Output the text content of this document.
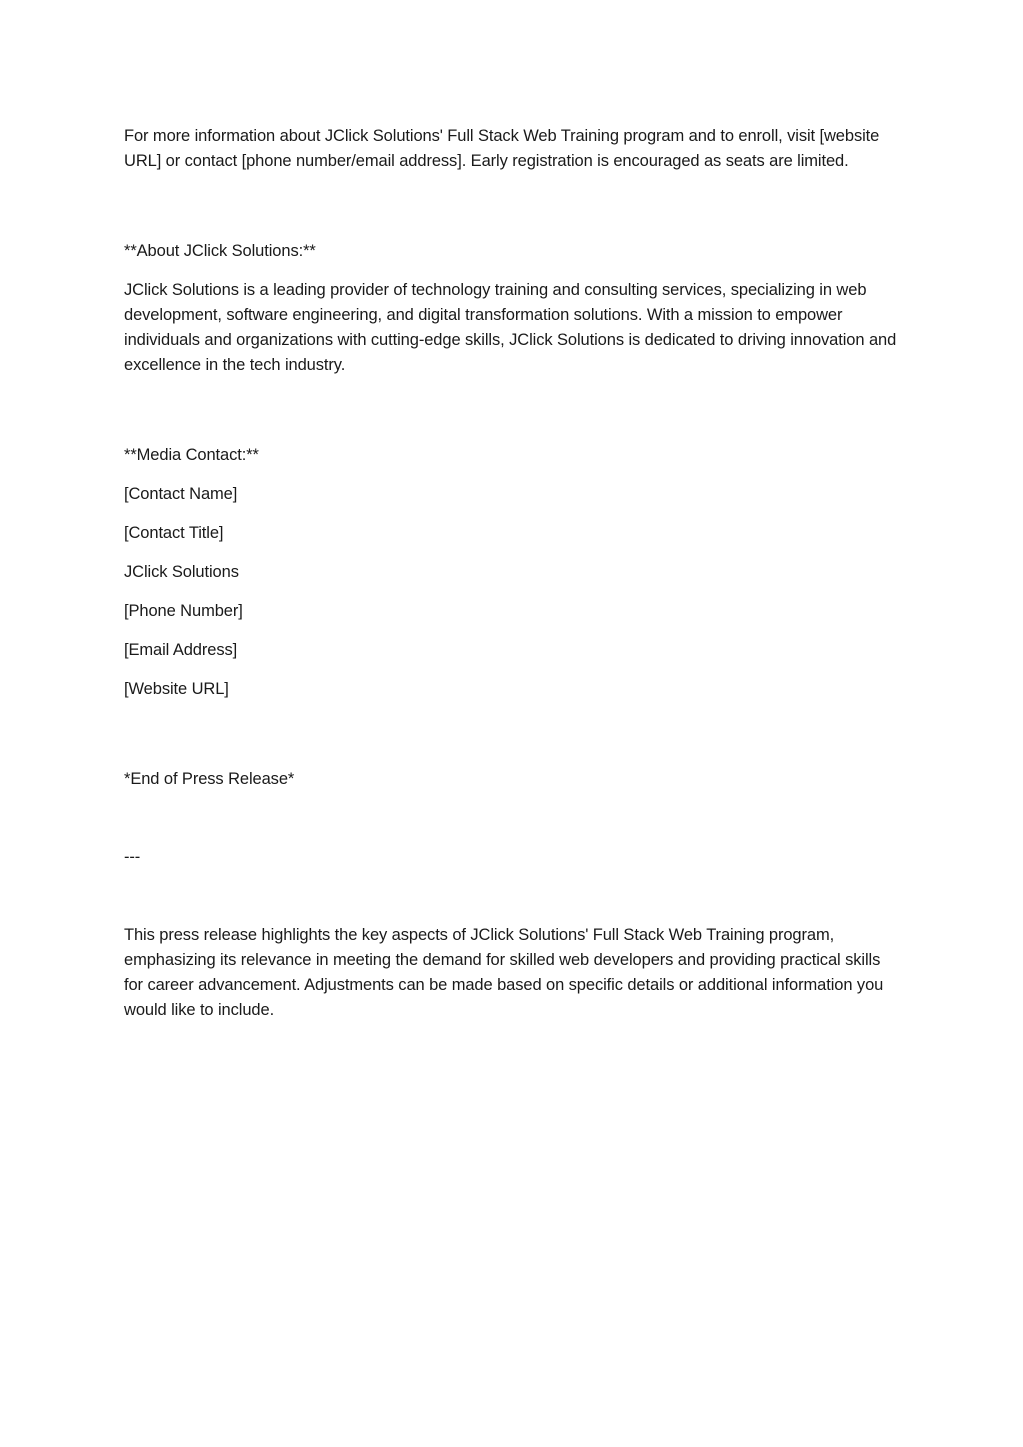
For more information about JClick Solutions' Full Stack Web Training program and to enroll, visit [website URL] or contact [phone number/email address]. Early registration is encouraged as seats are limited.

**About JClick Solutions:**

JClick Solutions is a leading provider of technology training and consulting services, specializing in web development, software engineering, and digital transformation solutions. With a mission to empower individuals and organizations with cutting-edge skills, JClick Solutions is dedicated to driving innovation and excellence in the tech industry.

**Media Contact:**

[Contact Name]

[Contact Title]

JClick Solutions

[Phone Number]

[Email Address]

[Website URL]

*End of Press Release*

---

This press release highlights the key aspects of JClick Solutions' Full Stack Web Training program, emphasizing its relevance in meeting the demand for skilled web developers and providing practical skills for career advancement. Adjustments can be made based on specific details or additional information you would like to include.
